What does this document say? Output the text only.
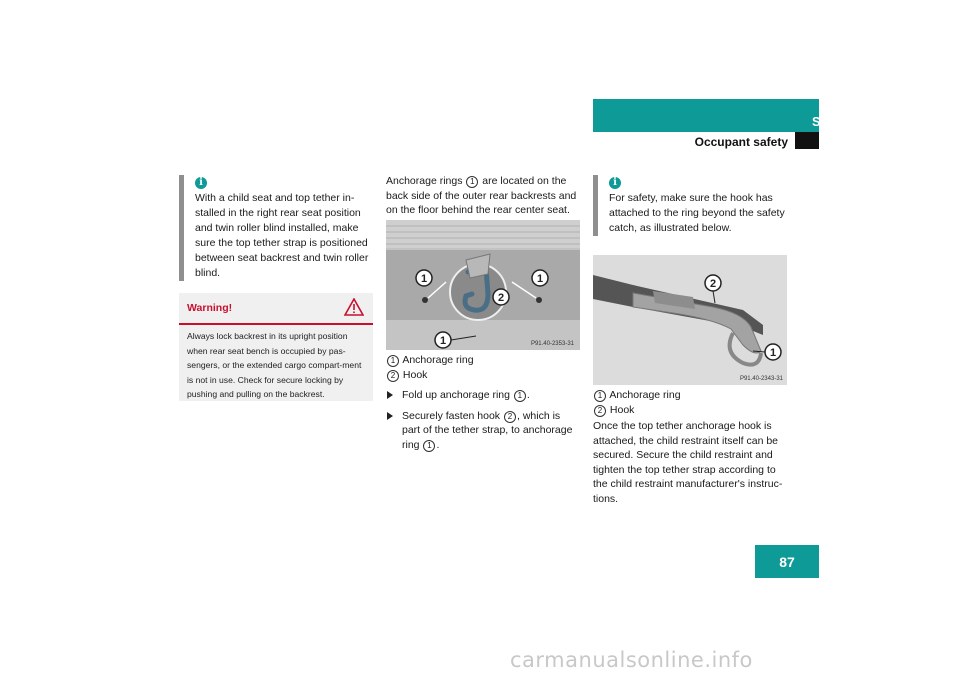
Safety and Security
Occupant safety
i
With a child seat and top tether in-stalled in the right rear seat position and twin roller blind installed, make sure the top tether strap is positioned between seat backrest and twin roller blind.
Warning!
Always lock backrest in its upright position when rear seat bench is occupied by pas-sengers, or the extended cargo compart-ment is not in use. Check for secure locking by pushing and pulling on the backrest.
Anchorage rings 1 are located on the back side of the outer rear backrests and on the floor behind the rear center seat.
1	1
2
1	P91.40-2353-31
1 Anchorage ring
2 Hook
Fold up anchorage ring 1 .
Securely fasten hook 2 , which is part of the tether strap, to anchorage ring 1 .
i
For safety, make sure the hook has attached to the ring beyond the safety catch, as illustrated below.
2
1
P91.40-2343-31
1 Anchorage ring
2 Hook
Once the top tether anchorage hook is attached, the child restraint itself can be secured. Secure the child restraint and tighten the top tether strap according to the child restraint manufacturer's instruc-tions.
87
carmanualsonline.info
